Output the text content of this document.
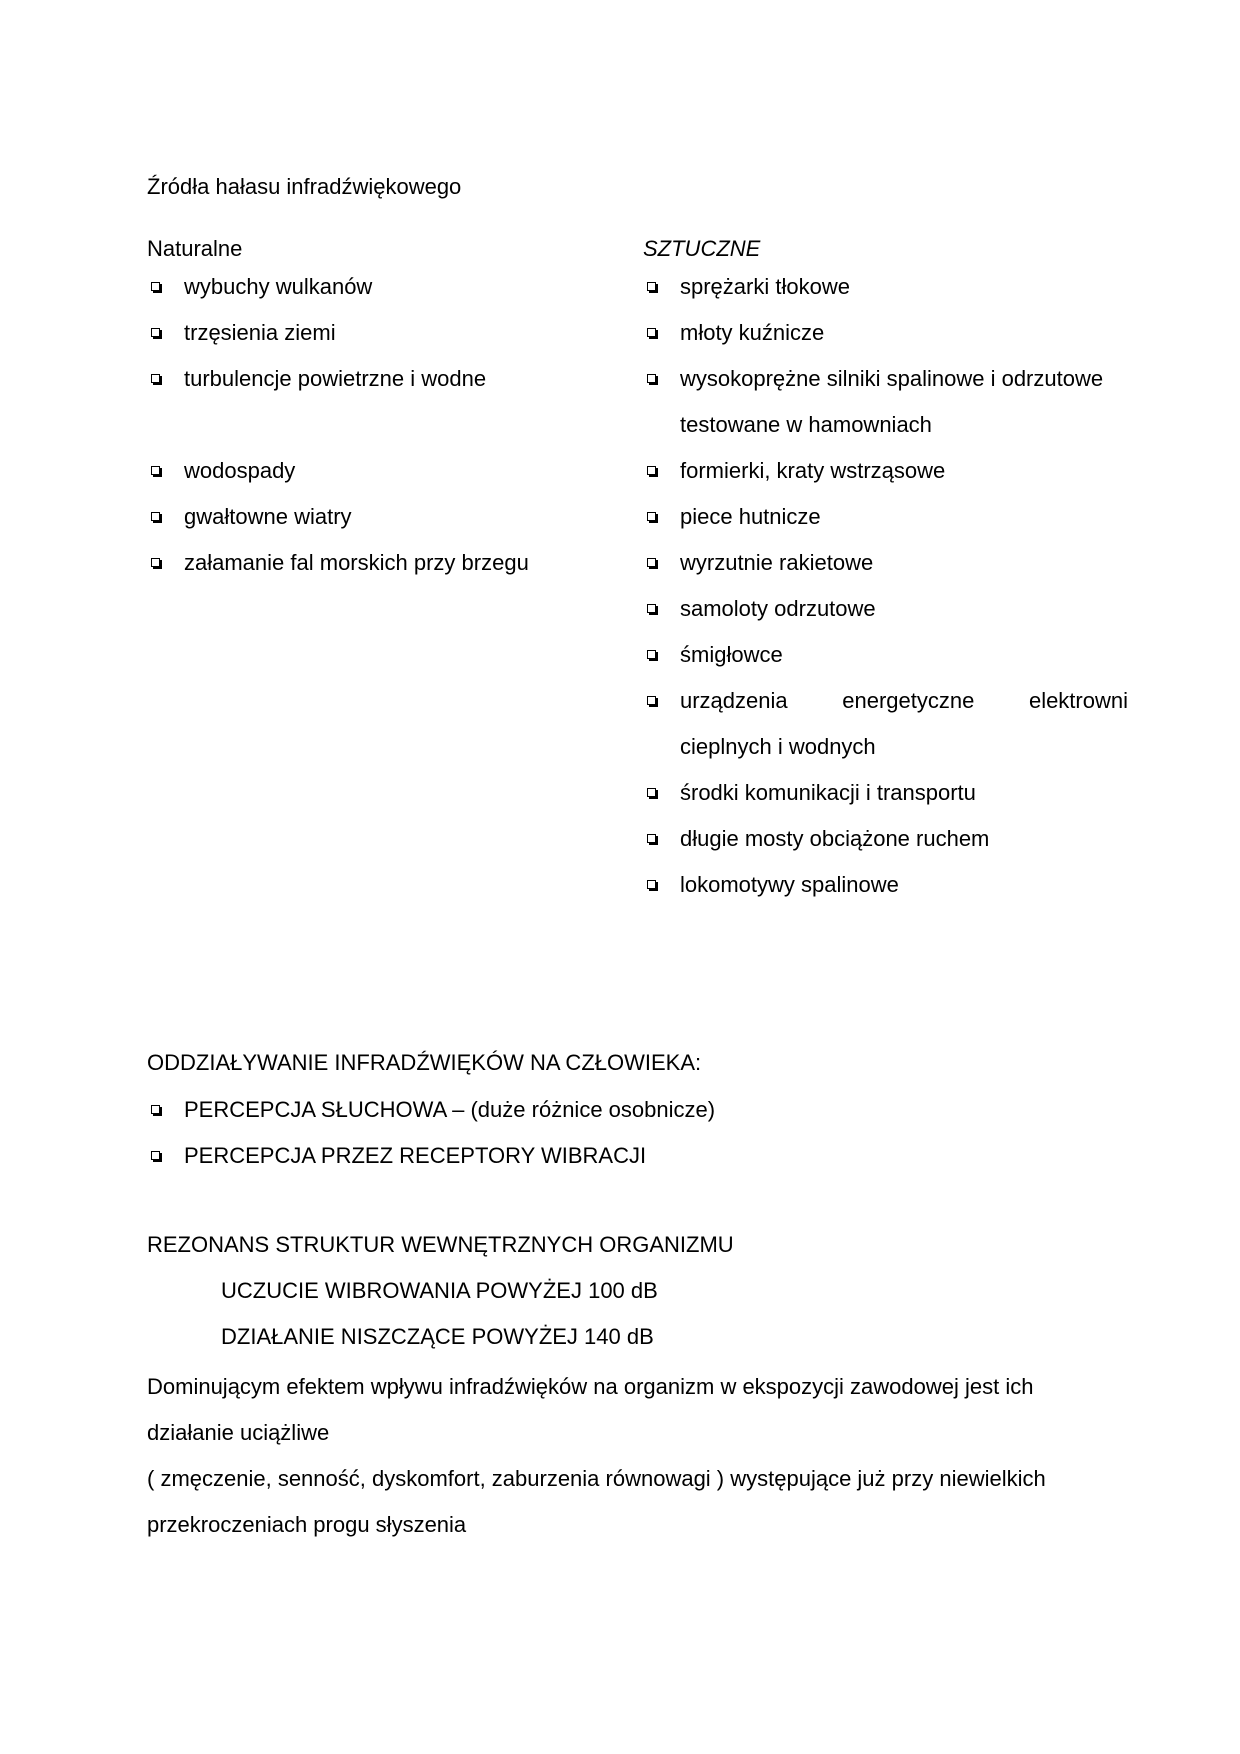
Źródła hałasu infradźwiękowego
Naturalne	SZTUCZNE
wybuchy wulkanów
trzęsienia ziemi
turbulencje powietrzne i wodne
wodospady
gwałtowne wiatry
załamanie fal morskich przy brzegu
sprężarki tłokowe
młoty kuźnicze
wysokoprężne silniki spalinowe i odrzutowe
testowane w hamowniach
formierki, kraty wstrząsowe
piece hutnicze
wyrzutnie rakietowe
samoloty odrzutowe
śmigłowce
urządzenia energetyczne elektrowni
cieplnych i wodnych
środki komunikacji i transportu
długie mosty obciążone ruchem
lokomotywy spalinowe
ODDZIAŁYWANIE INFRADŹWIĘKÓW NA CZŁOWIEKA:
PERCEPCJA SŁUCHOWA – (duże różnice osobnicze)
PERCEPCJA PRZEZ RECEPTORY WIBRACJI
REZONANS STRUKTUR WEWNĘTRZNYCH ORGANIZMU
UCZUCIE WIBROWANIA POWYŻEJ 100 dB
DZIAŁANIE NISZCZĄCE POWYŻEJ 140 dB
Dominującym efektem wpływu infradźwięków na organizm w ekspozycji zawodowej jest ich
działanie uciążliwe
( zmęczenie, senność, dyskomfort, zaburzenia równowagi ) występujące już przy niewielkich
przekroczeniach progu słyszenia
